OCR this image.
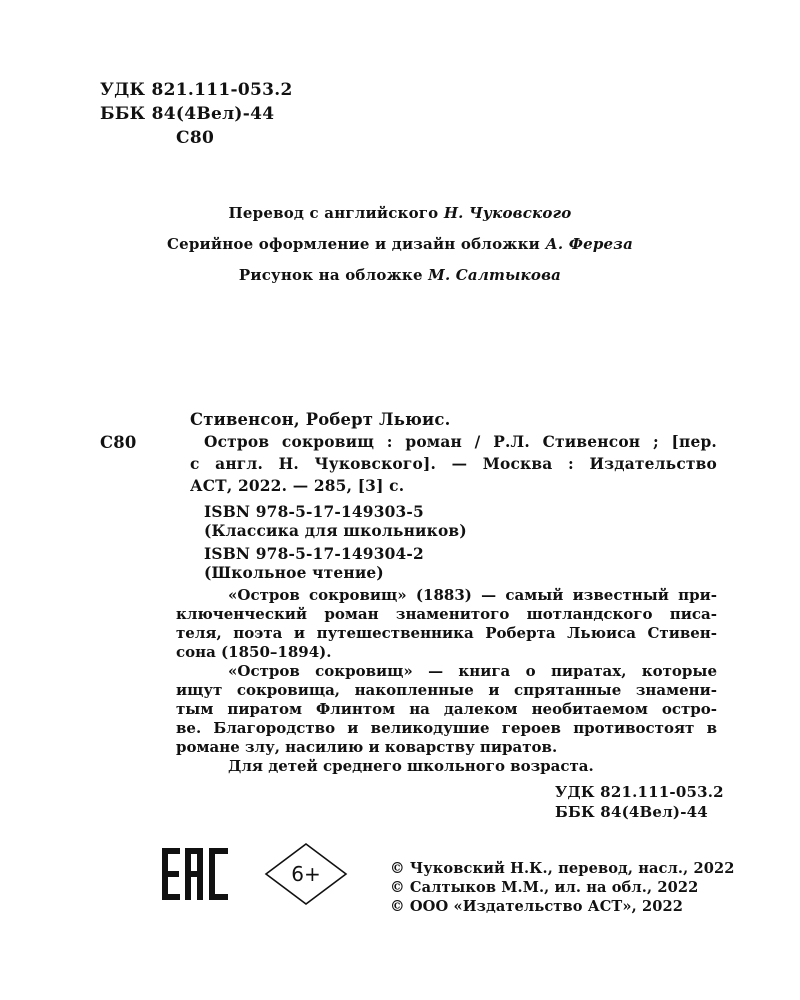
УДК 821.111-053.2
ББК 84(4Вел)-44
С80
Перевод с английского Н. Чуковского
Серийное оформление и дизайн обложки А. Фереза
Рисунок на обложке М. Салтыкова
Стивенсон, Роберт Льюис.
С80	Остров сокровищ : роман / Р.Л. Стивенсон ; [пер.
с англ. Н. Чуковского]. — Москва : Издательство
АСТ, 2022. — 285, [3] с.
ISBN 978-5-17-149303-5
(Классика для школьников)
ISBN 978-5-17-149304-2
(Школьное чтение)
«Остров сокровищ» (1883) — самый известный при-
ключенческий роман знаменитого шотландского писа-
теля, поэта и путешественника Роберта Льюиса Стивен-
сона (1850–1894).
«Остров сокровищ» — книга о пиратах, которые
ищут сокровища, накопленные и спрятанные знамени-
тым пиратом Флинтом на далеком необитаемом остро-
ве. Благородство и великодушие героев противостоят в
романе злу, насилию и коварству пиратов.
Для детей среднего школьного возраста.
УДК 821.111-053.2
ББК 84(4Вел)-44
6+	© Чуковский Н.К., перевод, насл., 2022
© Салтыков М.М., ил. на обл., 2022
© ООО «Издательство АСТ», 2022
